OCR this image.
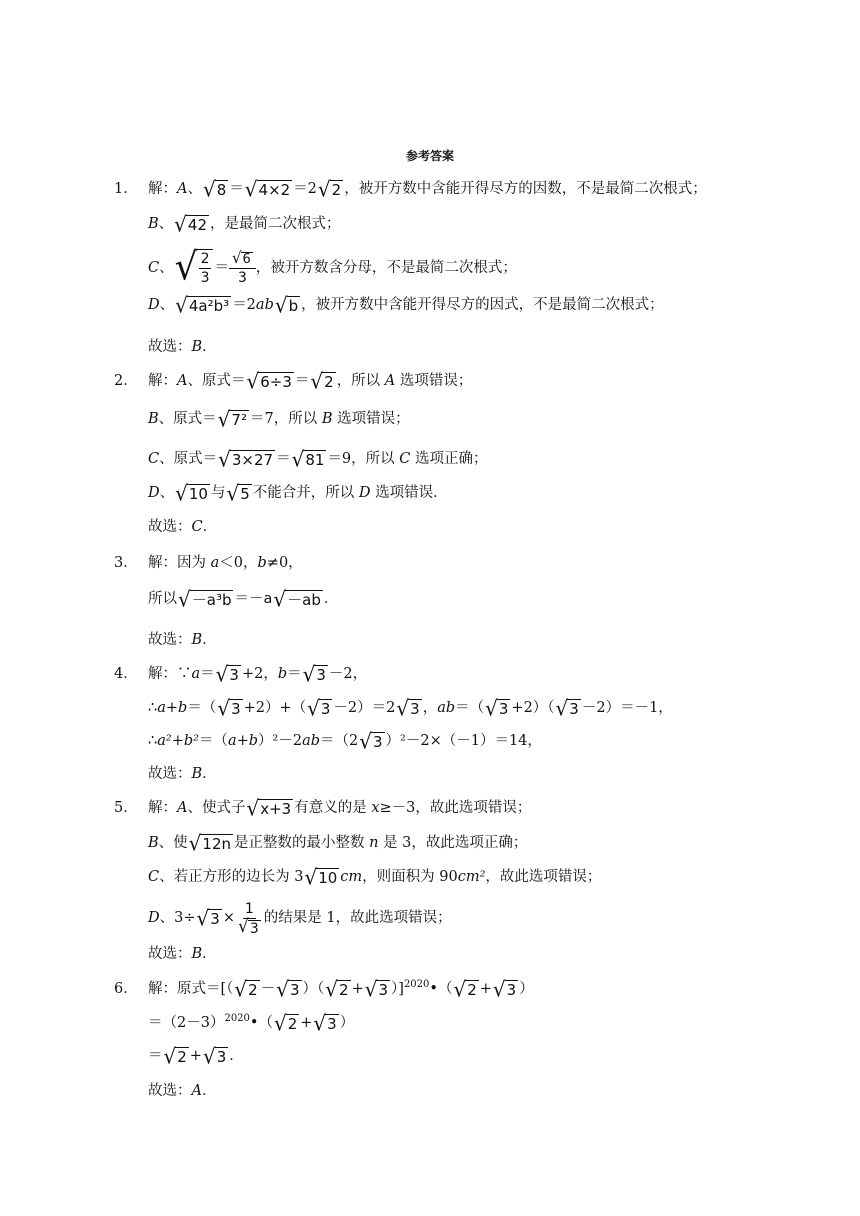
参考答案
1． 解：A、 √ 8 ＝ √ 4×2 ＝2 √ 2 ，被开方数中含能开得尽方的因数，不是最简二次根式；
B、 √ 42 ，是最简二次根式；
C、 √ $\frac{2}{3} = \frac{√ 6}{3}$ ，被开方数含分母，不是最简二次根式；
D、 √ 4a²b³ ＝2ab √ b ，被开方数中含能开得尽方的因式，不是最简二次根式；
故选：B．
2． 解：A、原式＝ √ 6÷3 ＝ √ 2 ，所以 A 选项错误；
B、原式＝ √ 7² ＝7，所以 B 选项错误；
C、原式＝ √ 3×27 ＝ √ 81 ＝9，所以 C 选项正确；
D、 √ 10 与 √ 5 不能合并，所以 D 选项错误．
故选：C．
3． 解：因为 a＜0，b≠0，
所以 √ －a³b ＝－a √ －ab ．
故选：B．
4． 解：∵a＝ √ 3 +2，b＝ √ 3 －2，
∴a+b＝（ √ 3 +2）+（ √ 3 －2）＝2 √ 3 ，ab＝（ √ 3 +2）（ √ 3 －2）＝－1，
∴a²+b²＝（a+b）²－2ab＝（2 √ 3 ）²－2×（－1）＝14，
故选：B．
5． 解：A、使式子 √ x+3 有意义的是 x≥－3，故此选项错误；
B、使 √ 12n 是正整数的最小整数 n 是 3，故此选项正确；
C、若正方形的边长为 3 √ 10 cm，则面积为 90cm²，故此选项错误；
D、3÷ √ $3 \times \frac{1}{√ 3}$ 的结果是 1，故此选项错误；
故选：B．
6． 解：原式＝[（ √ 2 － √ 3 ）（ √ 2 + √ 3 ）]$^{2020}$•（ √ 2 + √ 3 ）
$=(2-3)^{2020}•$（ √ 2 + √ 3 ）
＝ √ 2 + √ 3 ．
故选：A．
